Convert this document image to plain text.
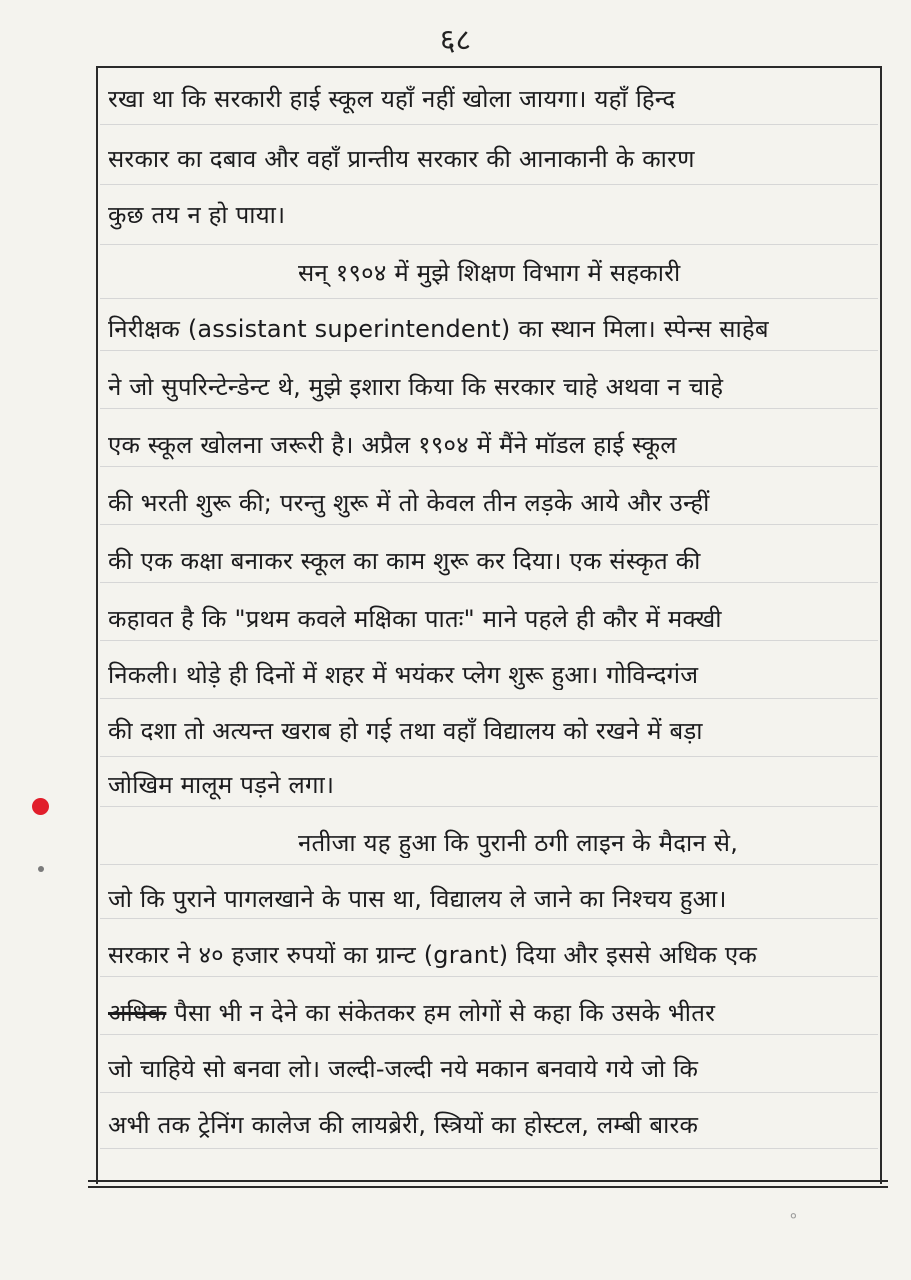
६८
रखा था कि सरकारी हाई स्कूल यहाँ नहीं खोला जायगा। यहाँ हिन्द
सरकार का दबाव और वहाँ प्रान्तीय सरकार की आनाकानी के कारण
कुछ तय न हो पाया।
सन् १९०४ में मुझे शिक्षण विभाग में सहकारी
निरीक्षक (assistant superintendent) का स्थान मिला। स्पेन्स साहेब
ने जो सुपरिन्टेन्डेन्ट थे, मुझे इशारा किया कि सरकार चाहे अथवा न चाहे
एक स्कूल खोलना जरूरी है। अप्रैल १९०४ में मैंने मॉडल हाई स्कूल
की भरती शुरू की; परन्तु शुरू में तो केवल तीन लड़के आये और उन्हीं
की एक कक्षा बनाकर स्कूल का काम शुरू कर दिया। एक संस्कृत की
कहावत है कि "प्रथम कवले मक्षिका पातः" माने पहले ही कौर में मक्खी
निकली। थोड़े ही दिनों में शहर में भयंकर प्लेग शुरू हुआ। गोविन्दगंज
की दशा तो अत्यन्त खराब हो गई तथा वहाँ विद्यालय को रखने में बड़ा
जोखिम मालूम पड़ने लगा।
नतीजा यह हुआ कि पुरानी ठगी लाइन के मैदान से,
जो कि पुराने पागलखाने के पास था, विद्यालय ले जाने का निश्चय हुआ।
सरकार ने ४० हजार रुपयों का ग्रान्ट (grant) दिया और इससे अधिक एक
अधिक पैसा भी न देने का संकेतकर हम लोगों से कहा कि उसके भीतर
जो चाहिये सो बनवा लो। जल्दी-जल्दी नये मकान बनवाये गये जो कि
अभी तक ट्रेनिंग कालेज की लायब्रेरी, स्त्रियों का होस्टल, लम्बी बारक
०
